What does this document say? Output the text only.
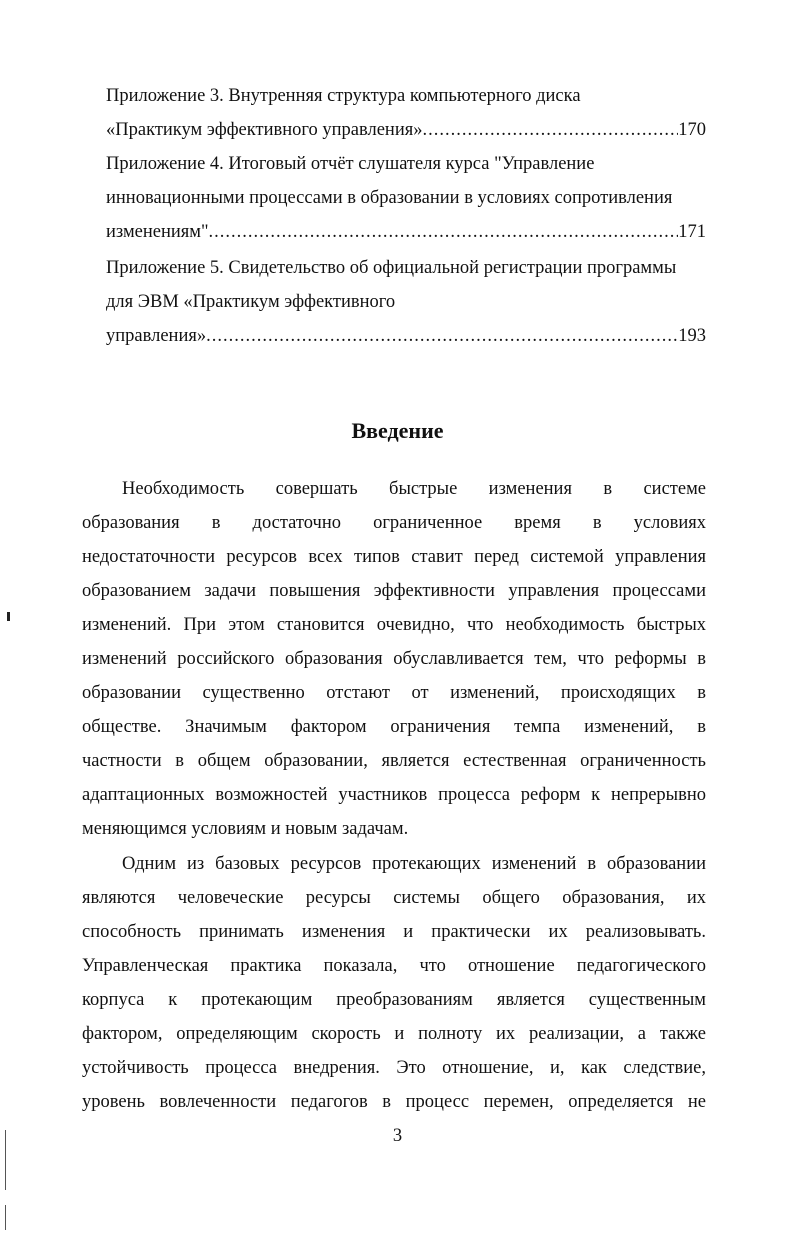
Приложение 3. Внутренняя структура компьютерного диска
«Практикум эффективного управления» .....	170
Приложение 4. Итоговый отчёт слушателя курса "Управление
инновационными процессами в образовании в условиях сопротивления
изменениям" .....	171
Приложение 5. Свидетельство об официальной регистрации программы
для ЭВМ «Практикум эффективного
управления» .....	193
Введение
Необходимость совершать быстрые изменения в системе
образования в достаточно ограниченное время в условиях
недостаточности ресурсов всех типов ставит перед системой управления
образованием задачи повышения эффективности управления процессами
изменений. При этом становится очевидно, что необходимость быстрых
изменений российского образования обуславливается тем, что реформы в
образовании существенно отстают от изменений, происходящих в
обществе. Значимым фактором ограничения темпа изменений, в
частности в общем образовании, является естественная ограниченность
адаптационных возможностей участников процесса реформ к непрерывно
меняющимся условиям и новым задачам.
Одним из базовых ресурсов протекающих изменений в образовании
являются человеческие ресурсы системы общего образования, их
способность принимать изменения и практически их реализовывать.
Управленческая практика показала, что отношение педагогического
корпуса к протекающим преобразованиям является существенным
фактором, определяющим скорость и полноту их реализации, а также
устойчивость процесса внедрения. Это отношение, и, как следствие,
уровень вовлеченности педагогов в процесс перемен, определяется не
3
